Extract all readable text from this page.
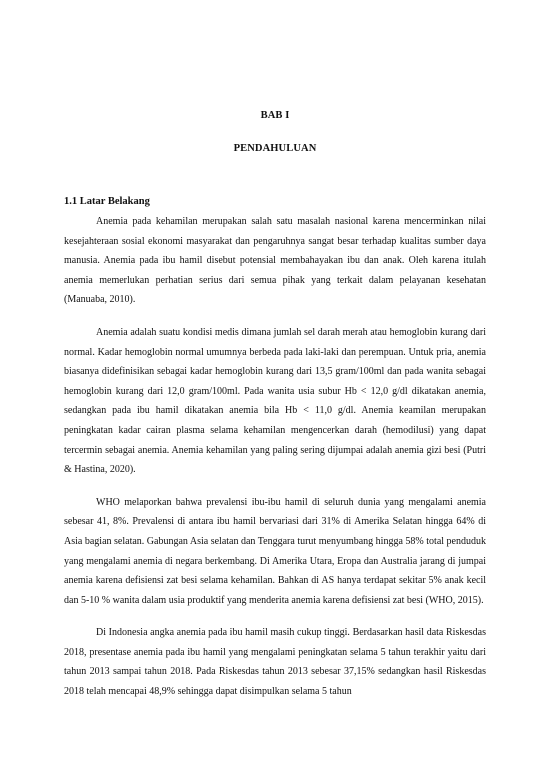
BAB I
PENDAHULUAN
1.1 Latar Belakang

Anemia pada kehamilan merupakan salah satu masalah nasional karena mencerminkan nilai kesejahteraan sosial ekonomi masyarakat dan pengaruhnya sangat besar terhadap kualitas sumber daya manusia. Anemia pada ibu hamil disebut potensial membahayakan ibu dan anak. Oleh karena itulah anemia memerlukan perhatian serius dari semua pihak yang terkait dalam pelayanan kesehatan (Manuaba, 2010).

Anemia adalah suatu kondisi medis dimana jumlah sel darah merah atau hemoglobin kurang dari normal. Kadar hemoglobin normal umumnya berbeda pada laki-laki dan perempuan. Untuk pria, anemia biasanya didefinisikan sebagai kadar hemoglobin kurang dari 13,5 gram/100ml dan pada wanita sebagai hemoglobin kurang dari 12,0 gram/100ml. Pada wanita usia subur Hb < 12,0 g/dl dikatakan anemia, sedangkan pada ibu hamil dikatakan anemia bila Hb < 11,0 g/dl. Anemia keamilan merupakan peningkatan kadar cairan plasma selama kehamilan mengencerkan darah (hemodilusi) yang dapat tercermin sebagai anemia. Anemia kehamilan yang paling sering dijumpai adalah anemia gizi besi (Putri & Hastina, 2020).

WHO melaporkan bahwa prevalensi ibu-ibu hamil di seluruh dunia yang mengalami anemia sebesar 41, 8%. Prevalensi di antara ibu hamil bervariasi dari 31% di Amerika Selatan hingga 64% di Asia bagian selatan. Gabungan Asia selatan dan Tenggara turut menyumbang hingga 58% total penduduk yang mengalami anemia di negara berkembang. Di Amerika Utara, Eropa dan Australia jarang di jumpai anemia karena defisiensi zat besi selama kehamilan. Bahkan di AS hanya terdapat sekitar 5% anak kecil dan 5-10 % wanita dalam usia produktif yang menderita anemia karena defisiensi zat besi (WHO, 2015).

Di Indonesia angka anemia pada ibu hamil masih cukup tinggi. Berdasarkan hasil data Riskesdas 2018, presentase anemia pada ibu hamil yang mengalami peningkatan selama 5 tahun terakhir yaitu dari tahun 2013 sampai tahun 2018. Pada Riskesdas tahun 2013 sebesar 37,15% sedangkan hasil Riskesdas 2018 telah mencapai 48,9% sehingga dapat disimpulkan selama 5 tahun
